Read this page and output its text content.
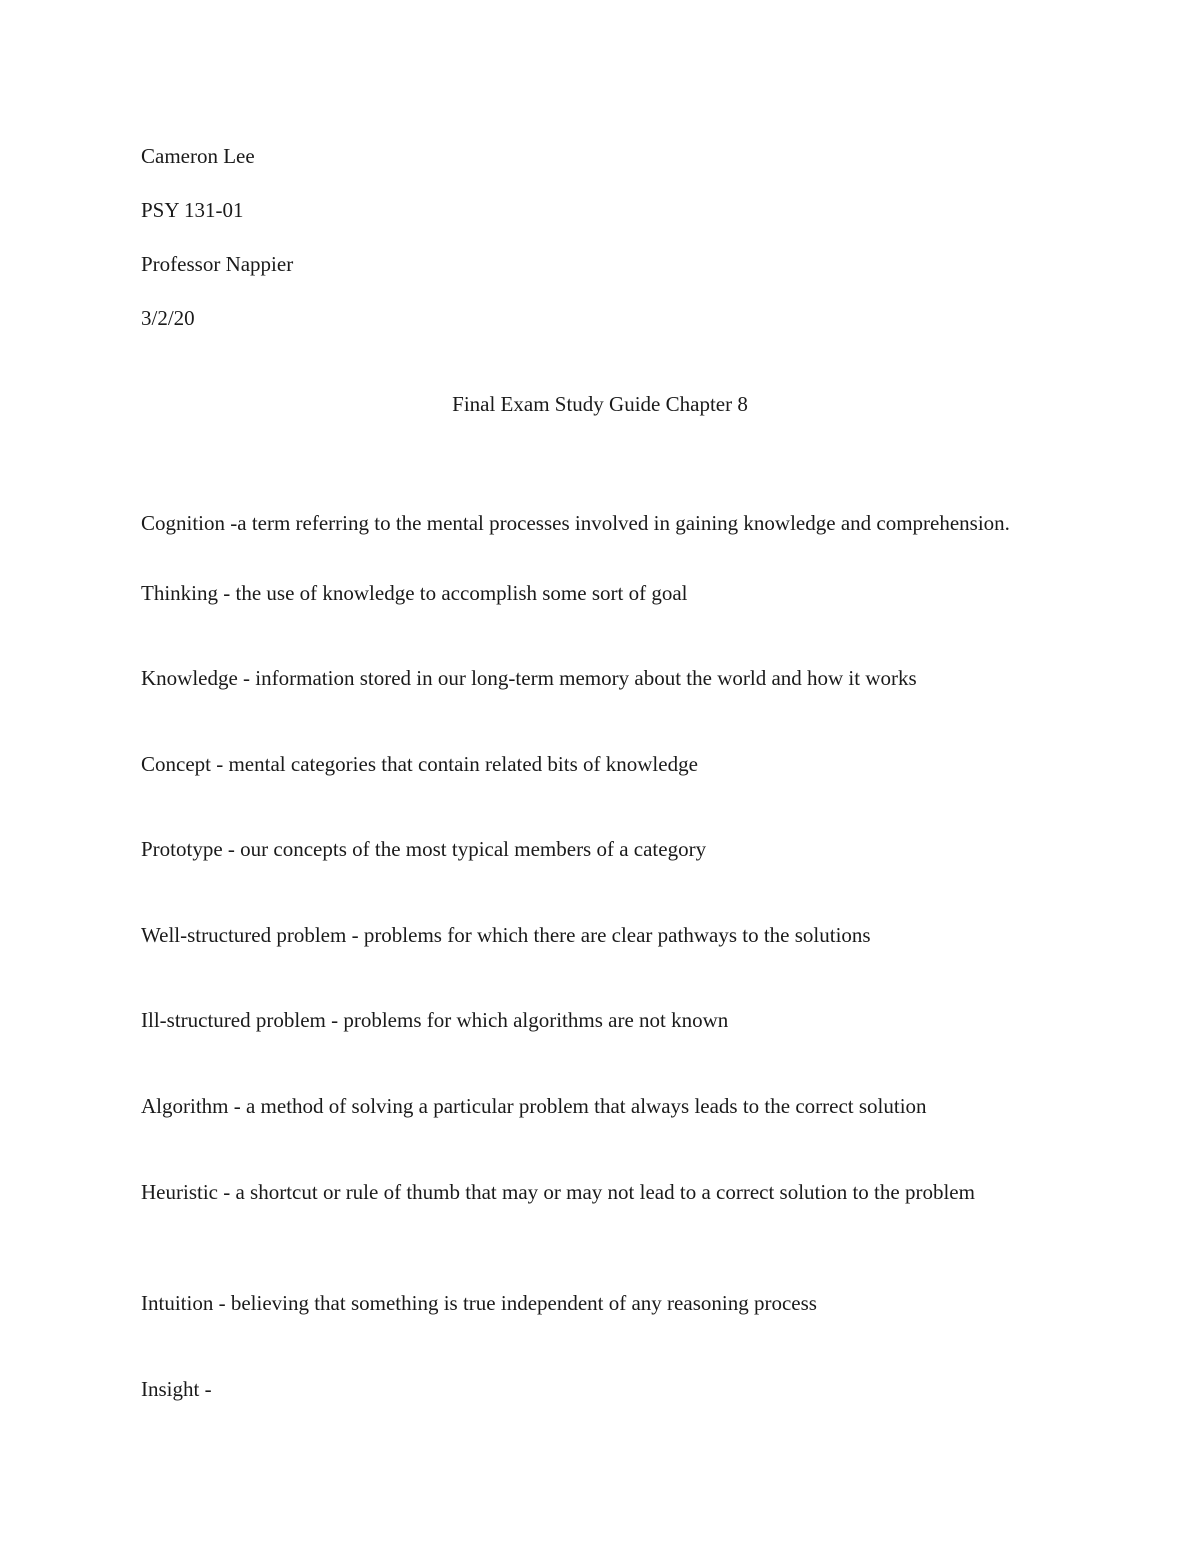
Cameron Lee
PSY 131-01
Professor Nappier
3/2/20
Final Exam Study Guide Chapter 8
Cognition -a term referring to the mental processes involved in gaining knowledge and comprehension.
Thinking - the use of knowledge to accomplish some sort of goal
Knowledge - information stored in our long-term memory about the world and how it works
Concept - mental categories that contain related bits of knowledge
Prototype - our concepts of the most typical members of a category
Well-structured problem - problems for which there are clear pathways to the solutions
Ill-structured problem - problems for which algorithms are not known
Algorithm - a method of solving a particular problem that always leads to the correct solution
Heuristic - a shortcut or rule of thumb that may or may not lead to a correct solution to the problem
Intuition - believing that something is true independent of any reasoning process
Insight -
